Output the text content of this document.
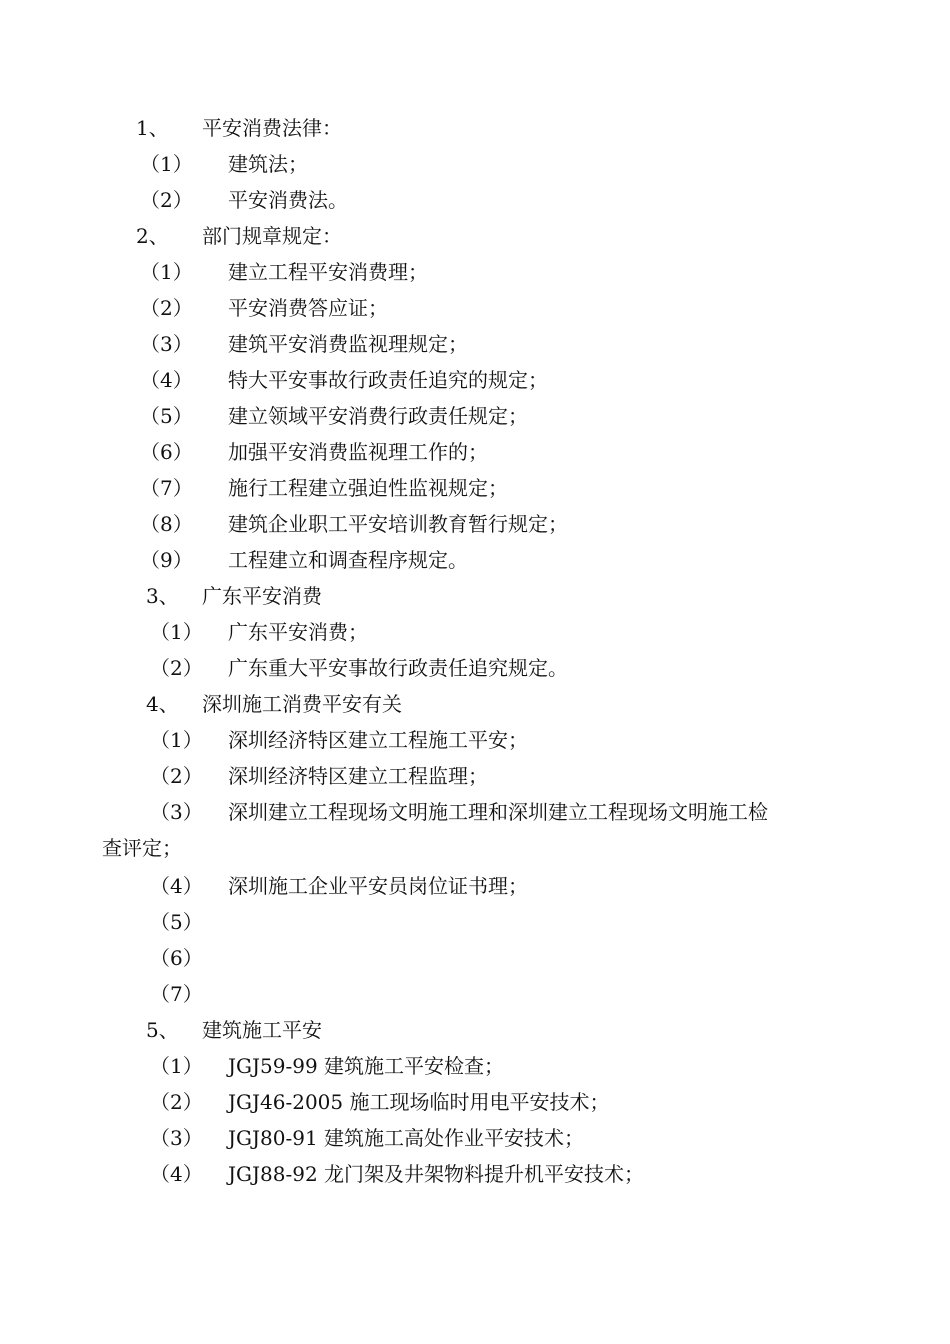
1、 平安消费法律：
（1） 建筑法；
（2） 平安消费法。
2、 部门规章规定：
（1） 建立工程平安消费理；
（2） 平安消费答应证；
（3） 建筑平安消费监视理规定；
（4） 特大平安事故行政责任追究的规定；
（5） 建立领域平安消费行政责任规定；
（6） 加强平安消费监视理工作的；
（7） 施行工程建立强迫性监视规定；
（8） 建筑企业职工平安培训教育暂行规定；
（9） 工程建立和调查程序规定。
3、 广东平安消费
（1） 广东平安消费；
（2） 广东重大平安事故行政责任追究规定。
4、 深圳施工消费平安有关
（1） 深圳经济特区建立工程施工平安；
（2） 深圳经济特区建立工程监理；
（3） 深圳建立工程现场文明施工理和深圳建立工程现场文明施工检
查评定；
（4） 深圳施工企业平安员岗位证书理；
（5）
（6）
（7）
5、 建筑施工平安
（1） JGJ59-99 建筑施工平安检查；
（2） JGJ46-2005 施工现场临时用电平安技术；
（3） JGJ80-91 建筑施工高处作业平安技术；
（4） JGJ88-92 龙门架及井架物料提升机平安技术；
